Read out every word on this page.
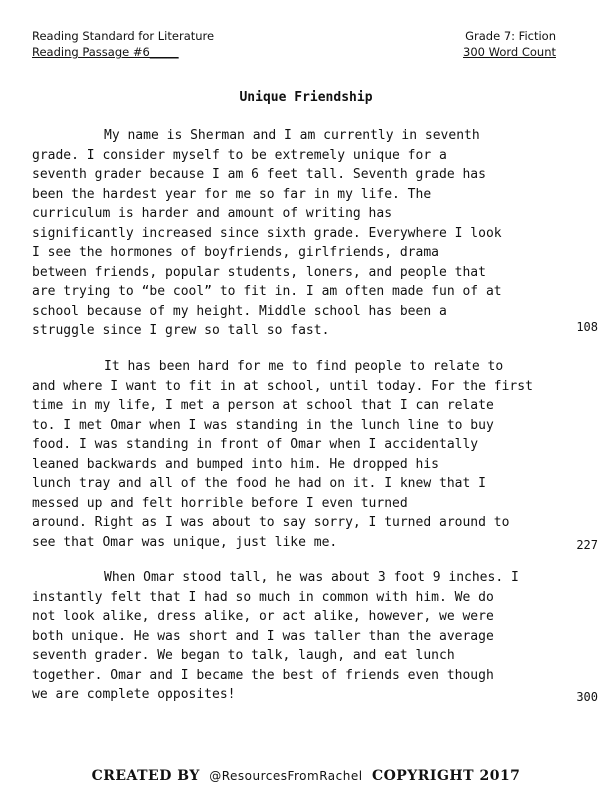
Reading Standard for Literature
Reading Passage #6_____
Grade 7: Fiction
300 Word Count
Unique Friendship
My name is Sherman and I am currently in seventh
grade. I consider myself to be extremely unique for a
seventh grader because I am 6 feet tall. Seventh grade has
been the hardest year for me so far in my life. The
curriculum is harder and amount of writing has
significantly increased since sixth grade. Everywhere I look
I see the hormones of boyfriends, girlfriends, drama
between friends, popular students, loners, and people that
are trying to “be cool” to fit in. I am often made fun of at
school because of my height. Middle school has been a
struggle since I grew so tall so fast.	108
It has been hard for me to find people to relate to
and where I want to fit in at school, until today. For the first
time in my life, I met a person at school that I can relate
to. I met Omar when I was standing in the lunch line to buy
food. I was standing in front of Omar when I accidentally
leaned backwards and bumped into him. He dropped his
lunch tray and all of the food he had on it. I knew that I
messed up and felt horrible before I even turned
around. Right as I was about to say sorry, I turned around to
see that Omar was unique, just like me.	227
When Omar stood tall, he was about 3 foot 9 inches. I
instantly felt that I had so much in common with him. We do
not look alike, dress alike, or act alike, however, we were
both unique. He was short and I was taller than the average
seventh grader. We began to talk, laugh, and eat lunch
together. Omar and I became the best of friends even though
we are complete opposites!	300
CREATED BY @ResourcesFromRachel COPYRIGHT 2017
